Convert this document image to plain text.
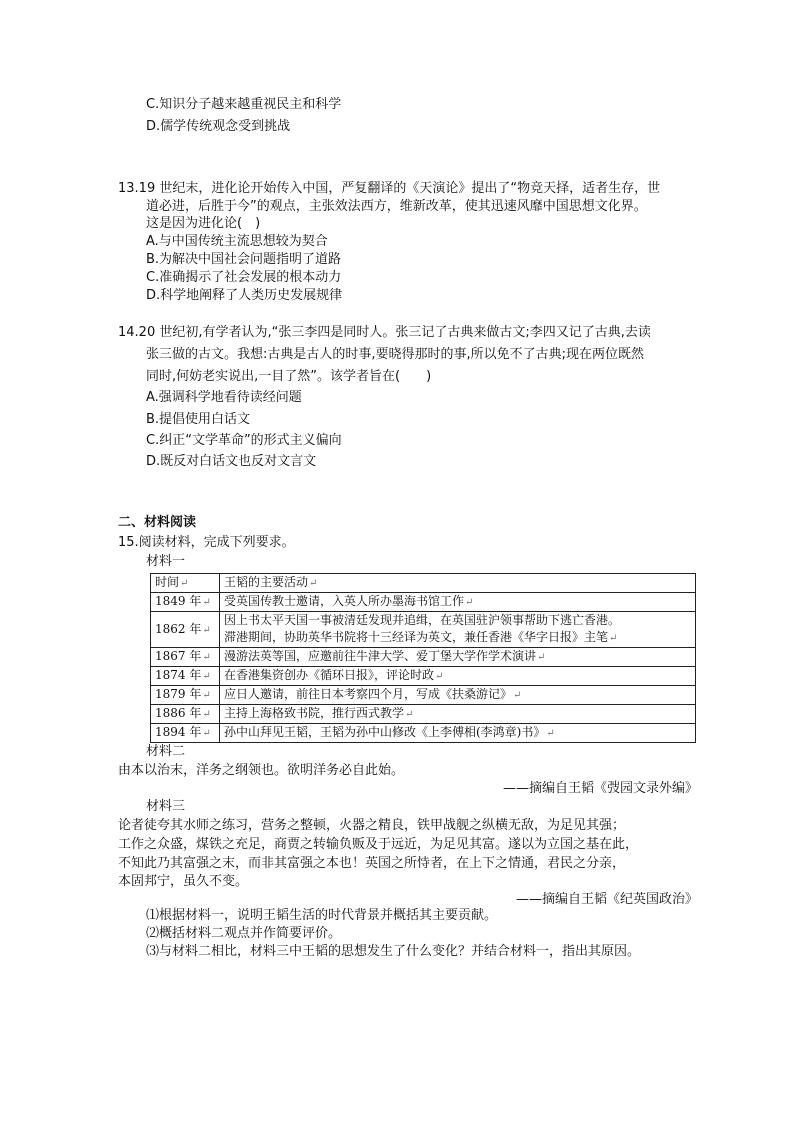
C.知识分子越来越重视民主和科学
D.儒学传统观念受到挑战
13.19 世纪末，进化论开始传入中国，严复翻译的《天演论》提出了“物竞天择，适者生存，世
道必进，后胜于今”的观点，主张效法西方，维新改革，使其迅速风靡中国思想文化界。
这是因为进化论(　)
A.与中国传统主流思想较为契合
B.为解决中国社会问题指明了道路
C.准确揭示了社会发展的根本动力
D.科学地阐释了人类历史发展规律
14.20 世纪初,有学者认为,“张三李四是同时人。张三记了古典来做古文;李四又记了古典,去读
张三做的古文。我想:古典是古人的时事,要晓得那时的事,所以免不了古典;现在两位既然
同时,何妨老实说出,一目了然”。该学者旨在(　　)
A.强调科学地看待读经问题
B.提倡使用白话文
C.纠正“文学革命”的形式主义偏向
D.既反对白话文也反对文言文
二、材料阅读
15.阅读材料，完成下列要求。
材料一
时间↵	王韬的主要活动↵
1849 年↵	受英国传教士邀请，入英人所办墨海书馆工作↵
1862 年↵	因上书太平天国一事被清廷发现并追缉，在英国驻沪领事帮助下逃亡香港。
滞港期间，协助英华书院将十三经译为英文，兼任香港《华字日报》主笔↵
1867 年↵	漫游法英等国，应邀前往牛津大学、爱丁堡大学作学术演讲↵
1874 年↵	在香港集资创办《循环日报》，评论时政↵
1879 年↵	应日人邀请，前往日本考察四个月，写成《扶桑游记》↵
1886 年↵	主持上海格致书院，推行西式教学↵
1894 年↵	孙中山拜见王韬，王韬为孙中山修改《上李傅相(李鸿章)书》↵
材料二
由本以治末，洋务之纲领也。欲明洋务必自此始。
——摘编自王韬《弢园文录外编》
材料三
论者徒夸其水师之练习，营务之整顿，火器之精良，铁甲战舰之纵横无敌，为足见其强；
工作之众盛，煤铁之充足，商贾之转输负贩及于远近，为足见其富。遂以为立国之基在此，
不知此乃其富强之末，而非其富强之本也！英国之所恃者，在上下之情通，君民之分亲，
本固邦宁，虽久不变。
——摘编自王韬《纪英国政治》
⑴根据材料一，说明王韬生活的时代背景并概括其主要贡献。
⑵概括材料二观点并作简要评价。
⑶与材料二相比，材料三中王韬的思想发生了什么变化？并结合材料一，指出其原因。
